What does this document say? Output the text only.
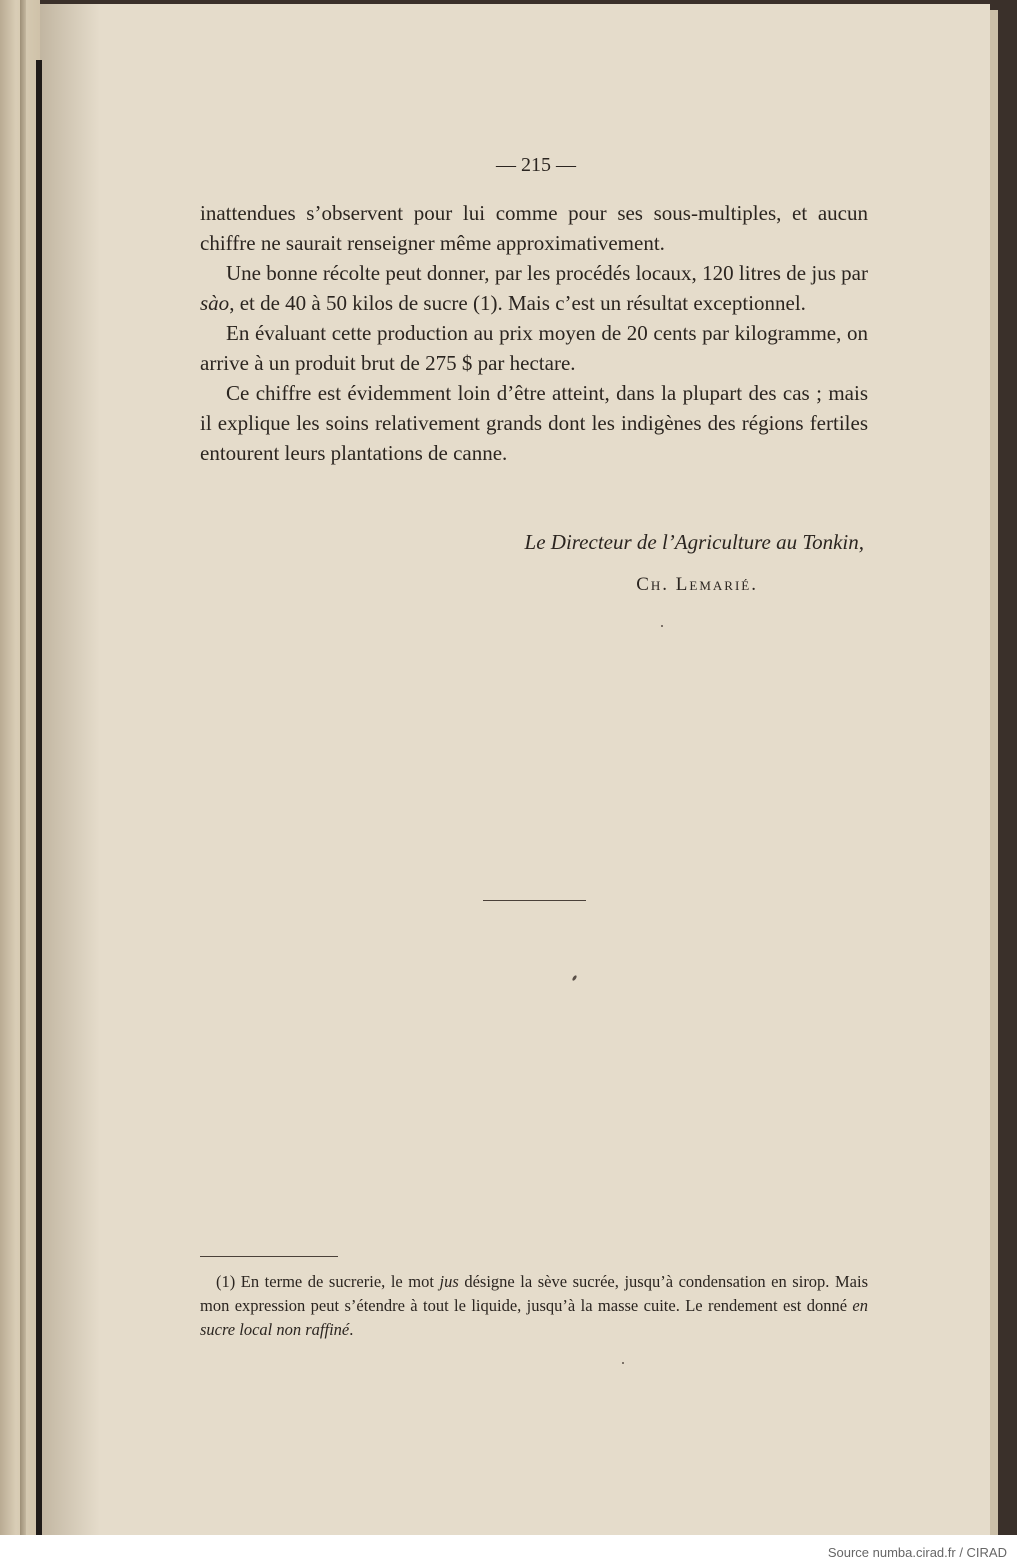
— 215 —

inattendues s’observent pour lui comme pour ses sous-multiples, et aucun chiffre ne saurait renseigner même approximativement.

Une bonne récolte peut donner, par les procédés locaux, 120 litres de jus par sào, et de 40 à 50 kilos de sucre (1). Mais c’est un résultat exceptionnel.

En évaluant cette production au prix moyen de 20 cents par kilogramme, on arrive à un produit brut de 275 $ par hectare.

Ce chiffre est évidemment loin d’être atteint, dans la plupart des cas ; mais il explique les soins relativement grands dont les indigènes des régions fertiles entourent leurs plantations de canne.

Le Directeur de l’Agriculture au Tonkin,
Ch. Lemarié.
(1) En terme de sucrerie, le mot jus désigne la sève sucrée, jusqu’à condensation en sirop. Mais mon expression peut s’étendre à tout le liquide, jusqu’à la masse cuite. Le rendement est donné en sucre local non raffiné.
Source numba.cirad.fr / CIRAD
